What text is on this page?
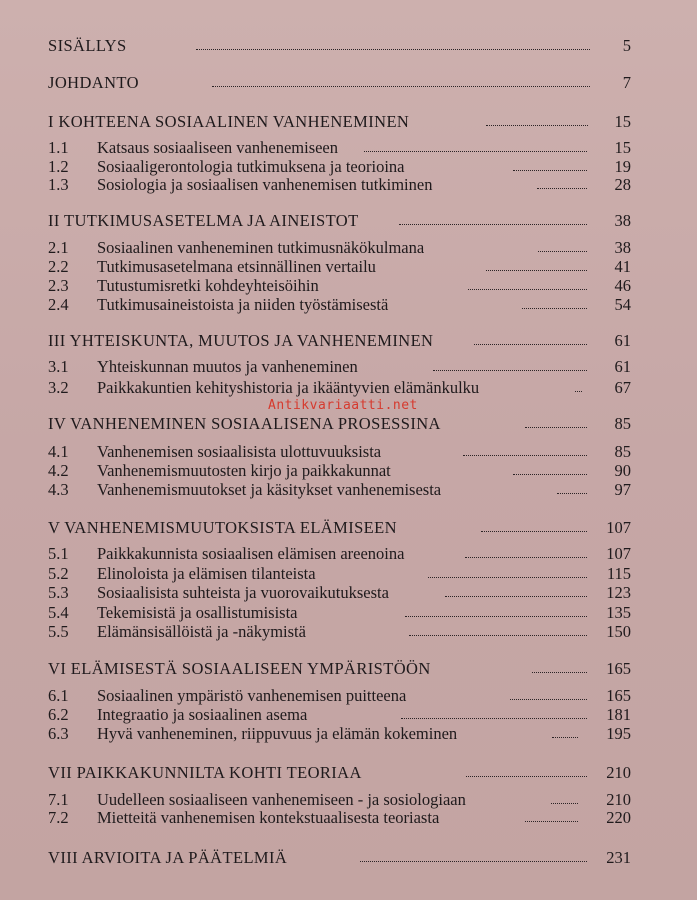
SISÄLLYS	5
JOHDANTO	7
I KOHTEENA SOSIAALINEN VANHENEMINEN	15
1.1 Katsaus sosiaaliseen vanhenemiseen	15
1.2 Sosiaaligerontologia tutkimuksena ja teorioina	19
1.3 Sosiologia ja sosiaalisen vanhenemisen tutkiminen	28
II TUTKIMUSASETELMA JA AINEISTOT	38
2.1 Sosiaalinen vanheneminen tutkimusnäkökulmana	38
2.2 Tutkimusasetelmana etsinnällinen vertailu	41
2.3 Tutustumisretki kohdeyhteisöihin	46
2.4 Tutkimusaineistoista ja niiden työstämisestä	54
III YHTEISKUNTA, MUUTOS JA VANHENEMINEN	61
3.1 Yhteiskunnan muutos ja vanheneminen	61
3.2 Paikkakuntien kehityshistoria ja ikääntyvien elämänkulku	67
IV VANHENEMINEN SOSIAALISENA PROSESSINA	85
4.1 Vanhenemisen sosiaalisista ulottuvuuksista	85
4.2 Vanhenemismuutosten kirjo ja paikkakunnat	90
4.3 Vanhenemismuutokset ja käsitykset vanhenemisesta	97
V VANHENEMISMUUTOKSISTA ELÄMISEEN	107
5.1 Paikkakunnista sosiaalisen elämisen areenoina	107
5.2 Elinoloista ja elämisen tilanteista	115
5.3 Sosiaalisista suhteista ja vuorovaikutuksesta	123
5.4 Tekemisistä ja osallistumisista	135
5.5 Elämänsisällöistä ja -näkymistä	150
VI ELÄMISESTÄ SOSIAALISEEN YMPÄRISTÖÖN	165
6.1 Sosiaalinen ympäristö vanhenemisen puitteena	165
6.2 Integraatio ja sosiaalinen asema	181
6.3 Hyvä vanheneminen, riippuvuus ja elämän kokeminen	195
VII PAIKKAKUNNILTA KOHTI TEORIAA	210
7.1 Uudelleen sosiaaliseen vanhenemiseen - ja sosiologiaan	210
7.2 Mietteitä vanhenemisen kontekstuaalisesta teoriasta	220
VIII ARVIOITA JA PÄÄTELMIÄ	231
Antikvariaatti.net
